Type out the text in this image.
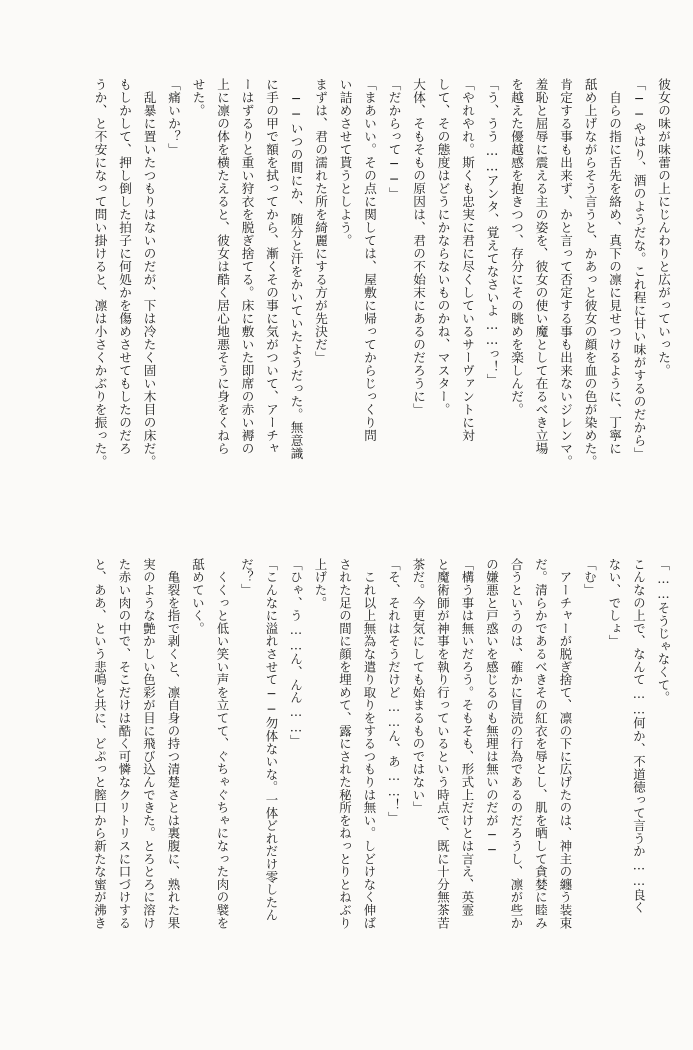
彼女の味が味蕾の上にじんわりと広がっていった。
「──やはり、酒のようだな。これ程に甘い味がするのだから」
　自らの指に舌先を絡め、真下の凛に見せつけるように、丁寧に
舐め上げながらそう言うと、かあっと彼女の顔を血の色が染めた。
肯定する事も出来ず、かと言って否定する事も出来ないジレンマ。
羞恥と屈辱に震える主の姿を、彼女の使い魔として在るべき立場
を越えた優越感を抱きつつ、存分にその眺めを楽しんだ。
「う、うう……アンタ、覚えてなさいよ……っ！」
「やれやれ。斯くも忠実に君に尽くしているサーヴァントに対
して、その態度はどうにかならないものかね、マスター。
大体、そもそもの原因は、君の不始末にあるのだろうに」
「だからって──」
「まあいい。その点に関しては、屋敷に帰ってからじっくり問
い詰めさせて貰うとしよう。
まずは、君の濡れた所を綺麗にする方が先決だ」
　──いつの間にか、随分と汗をかいていたようだった。無意識
に手の甲で額を拭ってから、漸くその事に気がついて、アーチャ
ーはずるりと重い狩衣を脱ぎ捨てる。床に敷いた即席の赤い褥の
上に凛の体を横たえると、彼女は酷く居心地悪そうに身をくねら
せた。
「痛いか？」
　乱暴に置いたつもりはないのだが、下は冷たく固い木目の床だ。
もしかして、押し倒した拍子に何処かを傷めさせてもしたのだろ
うか、と不安になって問い掛けると、凛は小さくかぶりを振った。
「……そうじゃなくて。
こんなの上で、なんて……何か、不道徳って言うか……良く
ない、でしょ」
「む」
　アーチャーが脱ぎ捨て、凛の下に広げたのは、神主の纏う装束
だ。清らかであるべきその紅衣を辱とし、肌を晒して貪婪に睦み
合うというのは、確かに冒涜の行為であるのだろうし、凛が些か
の嫌悪と戸惑いを感じるのも無理は無いのだが──
「構う事は無いだろう。そもそも、形式上だけとは言え、英霊
と魔術師が神事を執り行っているという時点で、既に十分無茶苦
茶だ。今更気にしても始まるものではない」
「そ、それはそうだけど……ん、あ……！」
　これ以上無為な遣り取りをするつもりは無い。しどけなく伸ば
された足の間に顔を埋めて、露にされた秘所をねっとりとねぶり
上げた。
「ひゃ、う……ん、んん……」
「こんなに溢れさせて──勿体ないな。一体どれだけ零したん
だ？」
　くくっと低い笑い声を立てて、ぐちゃぐちゃになった肉の襞を
舐めていく。
　亀裂を指で剥くと、凛自身の持つ清楚さとは裏腹に、熟れた果
実のような艶かしい色彩が目に飛び込んできた。とろとろに溶け
た赤い肉の中で、そこだけは酷く可憐なクリトリスに口づけする
と、ああ、という悲鳴と共に、どぷっと膣口から新たな蜜が沸き
